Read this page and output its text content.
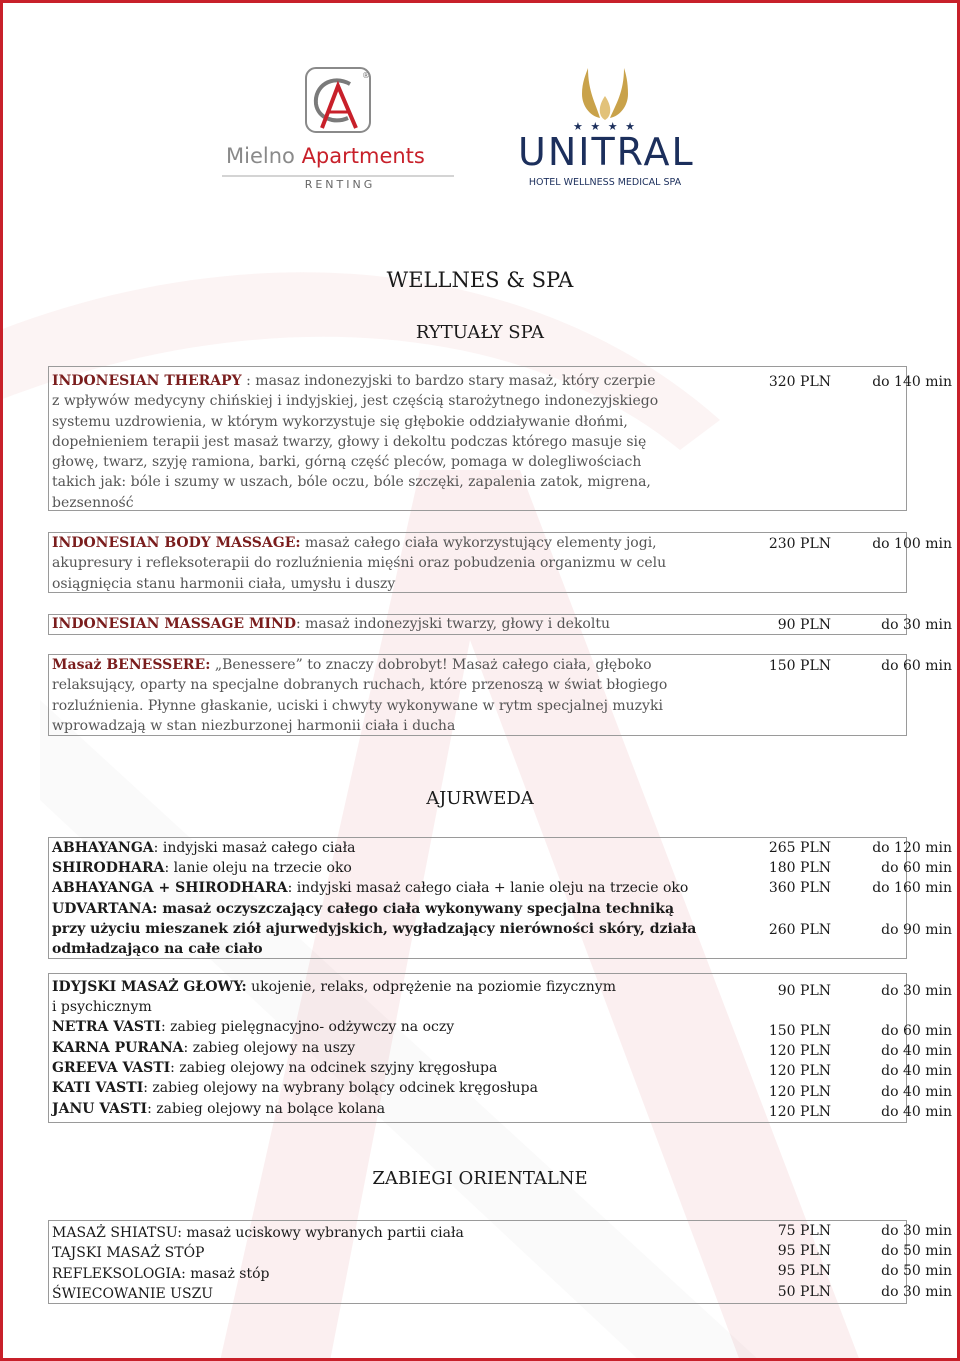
®
Mielno Apartments
RENTING
★ ★ ★ ★
UNITRAL
HOTEL WELLNESS MEDICAL SPA
WELLNES & SPA
RYTUAŁY SPA
INDONESIAN THERAPY : masaz indonezyjski to bardzo stary masaż, który czerpie
z wpływów medycyny chińskiej i indyjskiej, jest częścią starożytnego indonezyjskiego
systemu uzdrowienia, w którym wykorzystuje się głębokie oddziaływanie dłońmi,
dopełnieniem terapii jest masaż twarzy, głowy i dekoltu podczas którego masuje się
głowę, twarz, szyję ramiona, barki, górną część pleców, pomaga w dolegliwościach
takich jak: bóle i szumy w uszach, bóle oczu, bóle szczęki, zapalenia zatok, migrena,
bezsenność
320 PLN	do 140 min
INDONESIAN BODY MASSAGE: masaż całego ciała wykorzystujący elementy jogi,
akupresury i refleksoterapii do rozluźnienia mięśni oraz pobudzenia organizmu w celu
osiągnięcia stanu harmonii ciała, umysłu i duszy
230 PLN	do 100 min
INDONESIAN MASSAGE MIND: masaż indonezyjski twarzy, głowy i dekoltu	90 PLN	do 30 min
Masaż BENESSERE: „Benessere” to znaczy dobrobyt! Masaż całego ciała, głęboko
relaksujący, oparty na specjalne dobranych ruchach, które przenoszą w świat błogiego
rozluźnienia. Płynne głaskanie, uciski i chwyty wykonywane w rytm specjalnej muzyki
wprowadzają w stan niezburzonej harmonii ciała i ducha
150 PLN	do 60 min
AJURWEDA
ABHAYANGA: indyjski masaż całego ciała	265 PLN	do 120 min
SHIRODHARA: lanie oleju na trzecie oko	180 PLN	do 60 min
ABHAYANGA + SHIRODHARA: indyjski masaż całego ciała + lanie oleju na trzecie oko	360 PLN	do 160 min
UDVARTANA: masaż oczyszczający całego ciała wykonywany specjalna techniką
przy użyciu mieszanek ziół ajurwedyjskich, wygładzający nierówności skóry, działa
odmładzająco na całe ciało
260 PLN	do 90 min
IDYJSKI MASAŻ GŁOWY: ukojenie, relaks, odprężenie na poziomie fizycznym
i psychicznym
90 PLN	do 30 min
NETRA VASTI: zabieg pielęgnacyjno- odżywczy na oczy	150 PLN	do 60 min
KARNA PURANA: zabieg olejowy na uszy	120 PLN	do 40 min
GREEVA VASTI: zabieg olejowy na odcinek szyjny kręgosłupa	120 PLN	do 40 min
KATI VASTI: zabieg olejowy na wybrany bolący odcinek kręgosłupa	120 PLN	do 40 min
JANU VASTI: zabieg olejowy na bolące kolana	120 PLN	do 40 min
ZABIEGI ORIENTALNE
MASAŻ SHIATSU: masaż uciskowy wybranych partii ciała	75 PLN	do 30 min
TAJSKI MASAŻ STÓP	95 PLN	do 50 min
REFLEKSOLOGIA: masaż stóp	95 PLN	do 50 min
ŚWIECOWANIE USZU	50 PLN	do 30 min
